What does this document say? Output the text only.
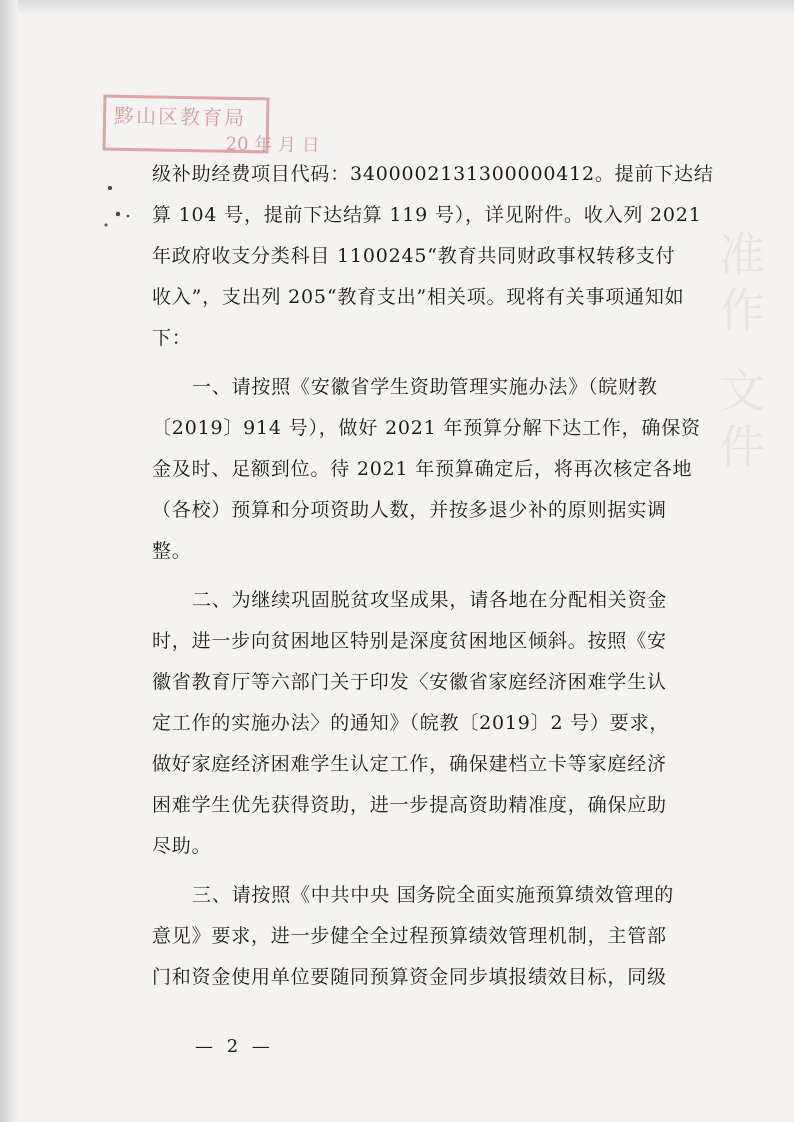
准作 文件
黟山区教育局
20 年 月 日

级补助经费项目代码：3400002131300000412。提前下达结

算 104 号，提前下达结算 119 号），详见附件。收入列 2021

年政府收支分类科目 1100245“教育共同财政事权转移支付

收入”，支出列 205“教育支出”相关项。现将有关事项通知如

下：

一、请按照《安徽省学生资助管理实施办法》（皖财教

〔2019〕914 号），做好 2021 年预算分解下达工作，确保资

金及时、足额到位。待 2021 年预算确定后，将再次核定各地

（各校）预算和分项资助人数，并按多退少补的原则据实调

整。

二、为继续巩固脱贫攻坚成果，请各地在分配相关资金

时，进一步向贫困地区特别是深度贫困地区倾斜。按照《安

徽省教育厅等六部门关于印发〈安徽省家庭经济困难学生认

定工作的实施办法〉的通知》（皖教〔2019〕2 号）要求，

做好家庭经济困难学生认定工作，确保建档立卡等家庭经济

困难学生优先获得资助，进一步提高资助精准度，确保应助

尽助。

三、请按照《中共中央 国务院全面实施预算绩效管理的

意见》要求，进一步健全全过程预算绩效管理机制，主管部

门和资金使用单位要随同预算资金同步填报绩效目标，同级

— 2 —
